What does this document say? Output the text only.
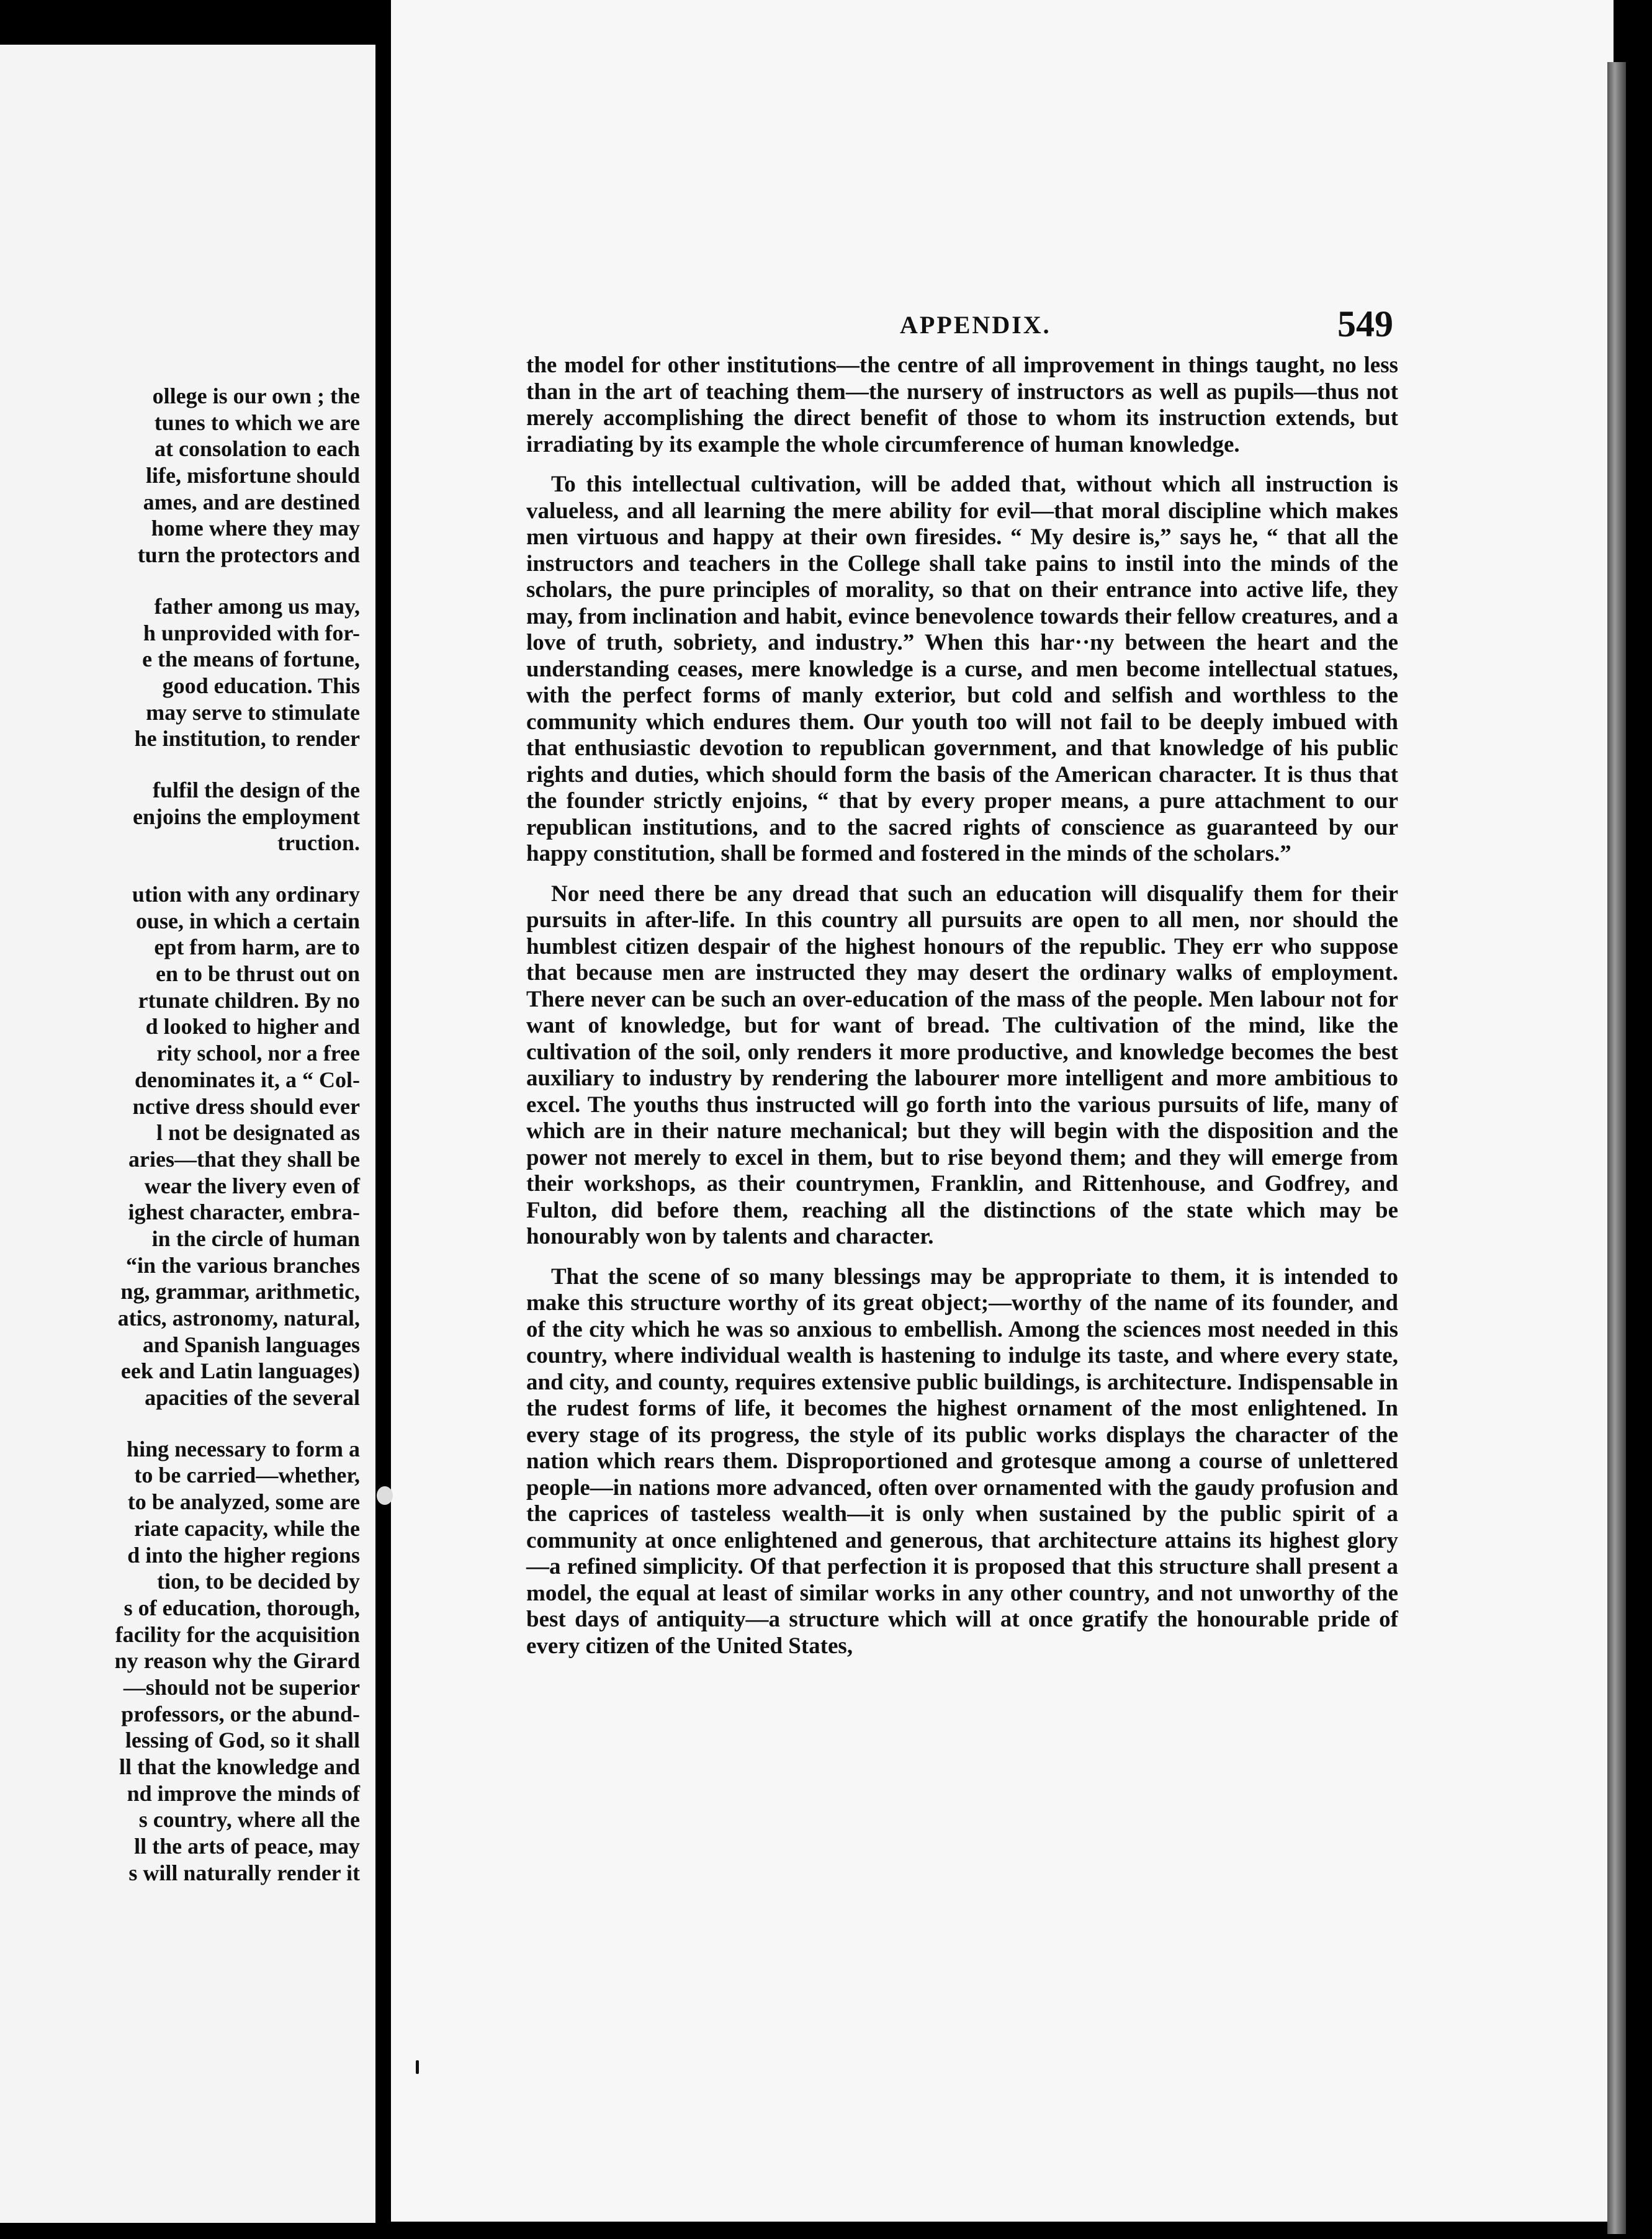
ollege is our own ; the
tunes to which we are
at consolation to each
life, misfortune should
ames, and are destined
home where they may
turn the protectors and
father among us may,
h unprovided with for-
e the means of fortune,
good education. This
may serve to stimulate
he institution, to render
fulfil the design of the
enjoins the employment
truction.
ution with any ordinary
ouse, in which a certain
ept from harm, are to
en to be thrust out on
rtunate children. By no
d looked to higher and
rity school, nor a free
denominates it, a “ Col-
nctive dress should ever
l not be designated as
aries—that they shall be
wear the livery even of
ighest character, embra-
in the circle of human
“in the various branches
ng, grammar, arithmetic,
atics, astronomy, natural,
and Spanish languages
eek and Latin languages)
apacities of the several
hing necessary to form a
to be carried—whether,
to be analyzed, some are
riate capacity, while the
d into the higher regions
tion, to be decided by
s of education, thorough,
facility for the acquisition
ny reason why the Girard
—should not be superior
professors, or the abund-
lessing of God, so it shall
ll that the knowledge and
nd improve the minds of
s country, where all the
ll the arts of peace, may
s will naturally render it
APPENDIX.	549

the model for other institutions—the centre of all improvement in things taught, no less than in the art of teaching them—the nursery of instructors as well as pupils—thus not merely accomplishing the direct benefit of those to whom its instruction extends, but irradiating by its example the whole circumference of human knowledge.

To this intellectual cultivation, will be added that, without which all instruction is valueless, and all learning the mere ability for evil—that moral discipline which makes men virtuous and happy at their own firesides. “ My desire is,” says he, “ that all the instructors and teachers in the College shall take pains to instil into the minds of the scholars, the pure principles of morality, so that on their entrance into active life, they may, from inclination and habit, evince benevolence towards their fellow creatures, and a love of truth, sobriety, and industry.” When this har··ny between the heart and the understanding ceases, mere knowledge is a curse, and men become intellectual statues, with the perfect forms of manly exterior, but cold and selfish and worthless to the community which endures them. Our youth too will not fail to be deeply imbued with that enthusiastic devotion to republican government, and that knowledge of his public rights and duties, which should form the basis of the American character. It is thus that the founder strictly enjoins, “ that by every proper means, a pure attachment to our republican institutions, and to the sacred rights of conscience as guaranteed by our happy constitution, shall be formed and fostered in the minds of the scholars.”

Nor need there be any dread that such an education will disqualify them for their pursuits in after-life. In this country all pursuits are open to all men, nor should the humblest citizen despair of the highest honours of the republic. They err who suppose that because men are instructed they may desert the ordinary walks of employment. There never can be such an over-education of the mass of the people. Men labour not for want of knowledge, but for want of bread. The cultivation of the mind, like the cultivation of the soil, only renders it more productive, and knowledge becomes the best auxiliary to industry by rendering the labourer more intelligent and more ambitious to excel. The youths thus instructed will go forth into the various pursuits of life, many of which are in their nature mechanical; but they will begin with the disposition and the power not merely to excel in them, but to rise beyond them; and they will emerge from their workshops, as their countrymen, Franklin, and Rittenhouse, and Godfrey, and Fulton, did before them, reaching all the distinctions of the state which may be honourably won by talents and character.

That the scene of so many blessings may be appropriate to them, it is intended to make this structure worthy of its great object;—worthy of the name of its founder, and of the city which he was so anxious to embellish. Among the sciences most needed in this country, where individual wealth is hastening to indulge its taste, and where every state, and city, and county, requires extensive public buildings, is architecture. Indispensable in the rudest forms of life, it becomes the highest ornament of the most enlightened. In every stage of its progress, the style of its public works displays the character of the nation which rears them. Disproportioned and grotesque among a course of unlettered people—in nations more advanced, often over ornamented with the gaudy profusion and the caprices of tasteless wealth—it is only when sustained by the public spirit of a community at once enlightened and generous, that architecture attains its highest glory—a refined simplicity. Of that perfection it is proposed that this structure shall present a model, the equal at least of similar works in any other country, and not unworthy of the best days of antiquity—a structure which will at once gratify the honourable pride of every citizen of the United States,
